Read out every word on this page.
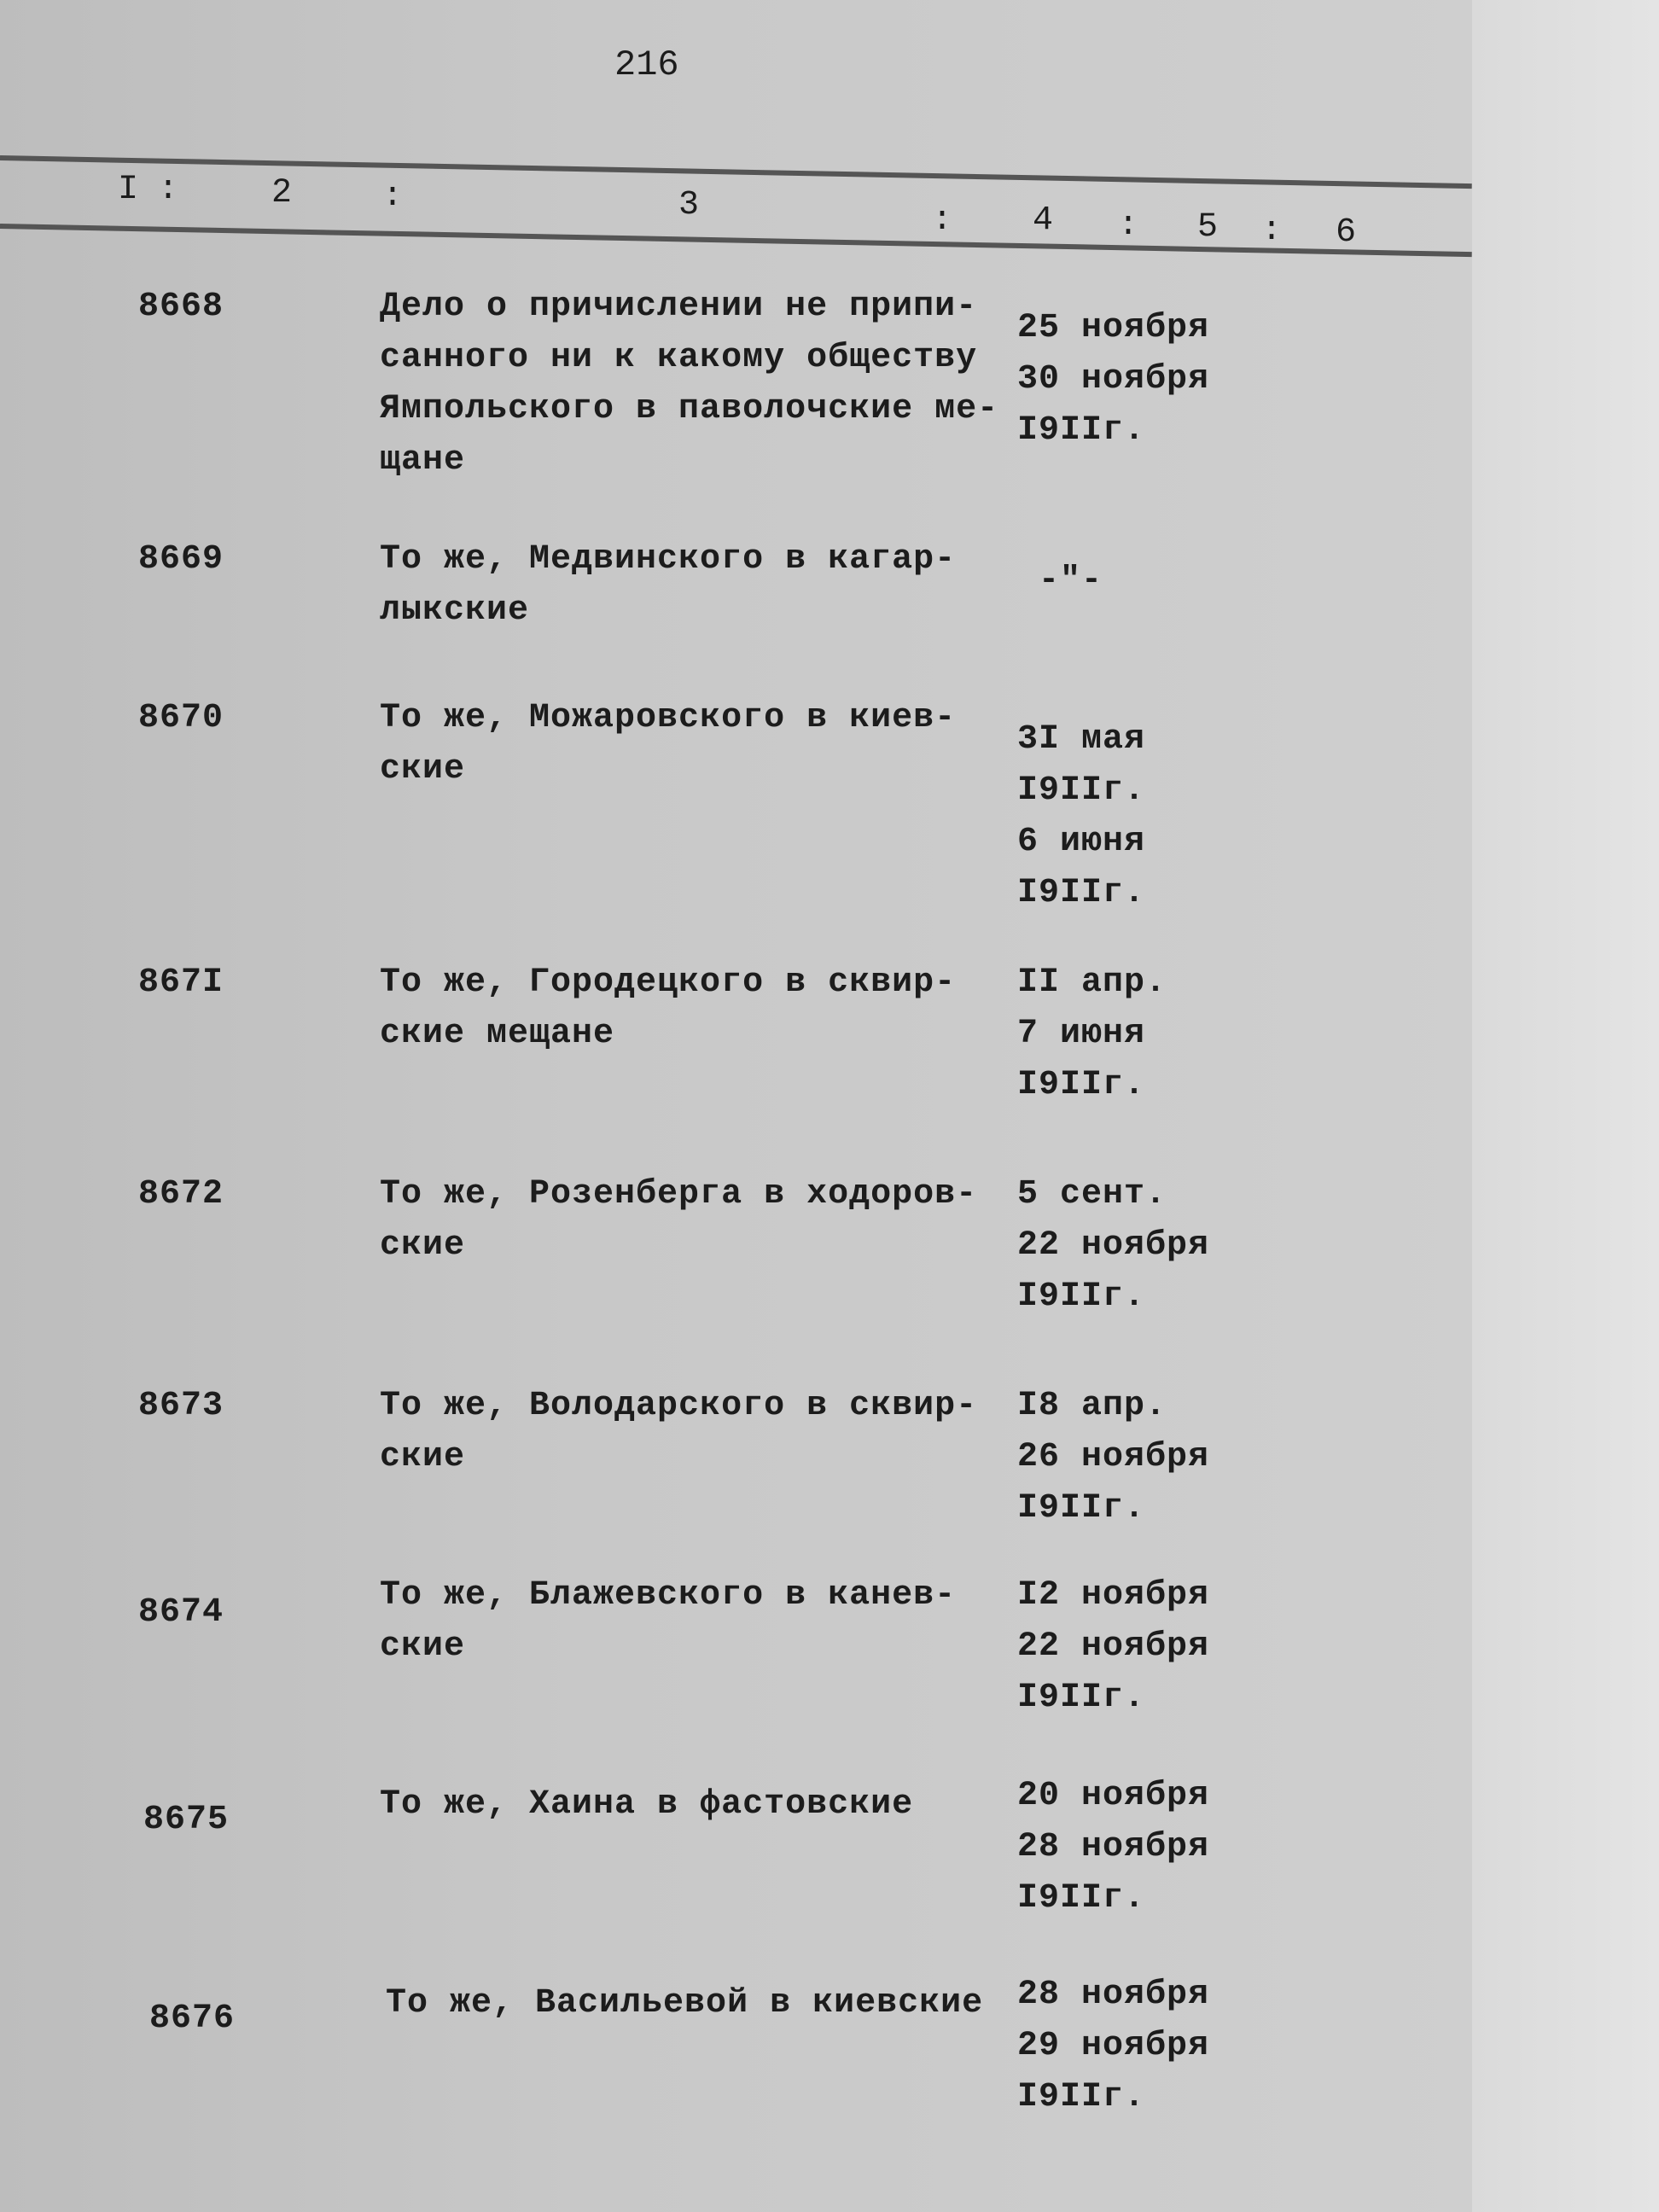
216
I :	2	:	3	: 4 : 5 : 6
8668	Дело о причислении не припи-
санного ни к какому обществу
Ямпольского в паволочские ме-
щане
25 ноября
30 ноября
I9IIг.
8669	То же, Медвинского в кагар-
лыкские
-"-
8670	То же, Можаровского в киев-
ские
3I мая
I9IIг.
6 июня
I9IIг.
867I	То же, Городецкого в сквир-
ские мещане
II апр.
7 июня
I9IIг.
8672	То же, Розенберга в ходоров-
ские
5 сент.
22 ноября
I9IIг.
8673	То же, Володарского в сквир-
ские
I8 апр.
26 ноября
I9IIг.
8674	То же, Блажевского в канев-
ские
I2 ноября
22 ноября
I9IIг.
8675	То же, Хаина в фастовские	20 ноября
28 ноября
I9IIг.
8676	То же, Васильевой в киевские 28 ноября
29 ноября
I9IIг.
